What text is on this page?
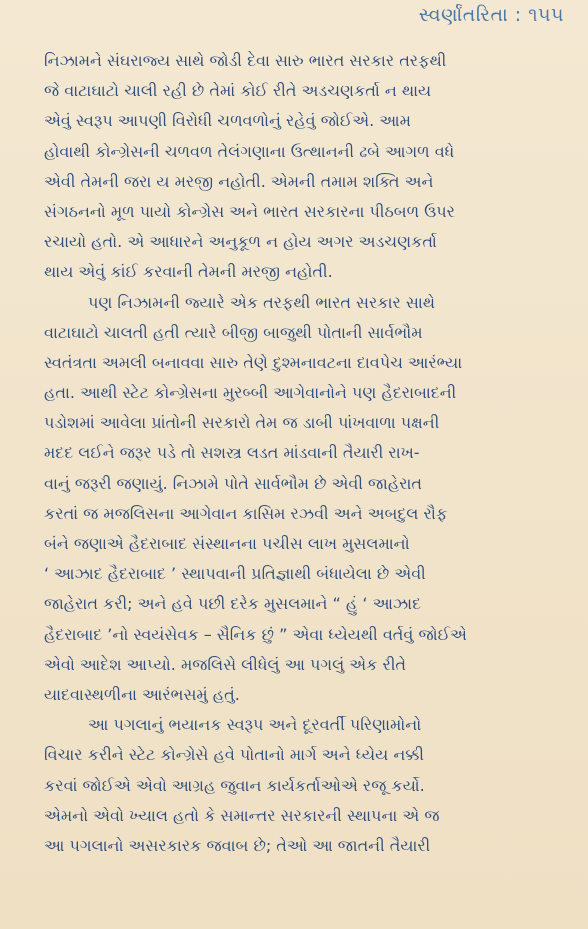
સ્વર્ણાંતરિતા : ૧૫૫
નિઝામને સંઘરાજ્ય સાથે જોડી દેવા સારુ ભારત સરકાર તરફથી
જે વાટાઘાટો ચાલી રહી છે તેમાં કોઈ રીતે અડચણકર્તા ન થાય
એવું સ્વરૂપ આપણી વિરોધી ચળવળોનું રહેવું જોઈએ. આમ
હોવાથી કોન્ગ્રેસની ચળવળ તેલંગણાના ઉત્થાનની ઢબે આગળ વધે
એવી તેમની જરા ય મરજી નહોતી. એમની તમામ શક્તિ અને
સંગઠનનો મૂળ પાયો કોન્ગ્રેસ અને ભારત સરકારના પીઠબળ ઉપર
રચાયો હતો. એ આધારને અનુકૂળ ન હોય અગર અડચણકર્તા
થાય એવું કાંઈ કરવાની તેમની મરજી નહોતી.
પણ નિઝામની જ્યારે એક તરફથી ભારત સરકાર સાથે
વાટાઘાટો ચાલતી હતી ત્યારે બીજી બાજુથી પોતાની સાર્વભૌમ
સ્વતંત્રતા અમલી બનાવવા સારુ તેણે દુશ્મનાવટના દાવપેચ આરંભ્યા
હતા. આથી સ્ટેટ કોન્ગ્રેસના મુરબ્બી આગેવાનોને પણ હૈદરાબાદની
પડોશમાં આવેલા પ્રાંતોની સરકારો તેમ જ ડાબી પાંખવાળા પક્ષની
મદદ લઈને જરૂર પડે તો સશસ્ત્ર લડત માંડવાની તૈયારી રાખ-
વાનું જરૂરી જણાયું. નિઝામે પોતે સાર્વભૌમ છે એવી જાહેરાત
કરતાં જ મજલિસના આગેવાન કાસિમ રઝવી અને અબદુલ રૌફ
બંને જણાએ હૈદરાબાદ સંસ્થાનના પચીસ લાખ મુસલમાનો
‘ આઝાદ હૈદરાબાદ ’ સ્થાપવાની પ્રતિજ્ઞાથી બંધાયેલા છે એવી
જાહેરાત કરી; અને હવે પછી દરેક મુસલમાને “ હું ‘ આઝાદ
હૈદરાબાદ ’નો સ્વયંસેવક – સૈનિક છું ” એવા ધ્યેયથી વર્તવું જોઈએ
એવો આદેશ આપ્યો. મજલિસે લીધેલું આ પગલું એક રીતે
યાદવાસ્થળીના આરંભસમું હતું.
આ પગલાનું ભયાનક સ્વરૂપ અને દૂરવર્તી પરિણામોનો
વિચાર કરીને સ્ટેટ કોન્ગ્રેસે હવે પોતાનો માર્ગ અને ધ્યેય નક્કી
કરવાં જોઈએ એવો આગ્રહ જુવાન કાર્યકર્તાઓએ રજૂ કર્યો.
એમનો એવો ખ્યાલ હતો કે સમાન્તર સરકારની સ્થાપના એ જ
આ પગલાનો અસરકારક જવાબ છે; તેઓ આ જાતની તૈયારી
